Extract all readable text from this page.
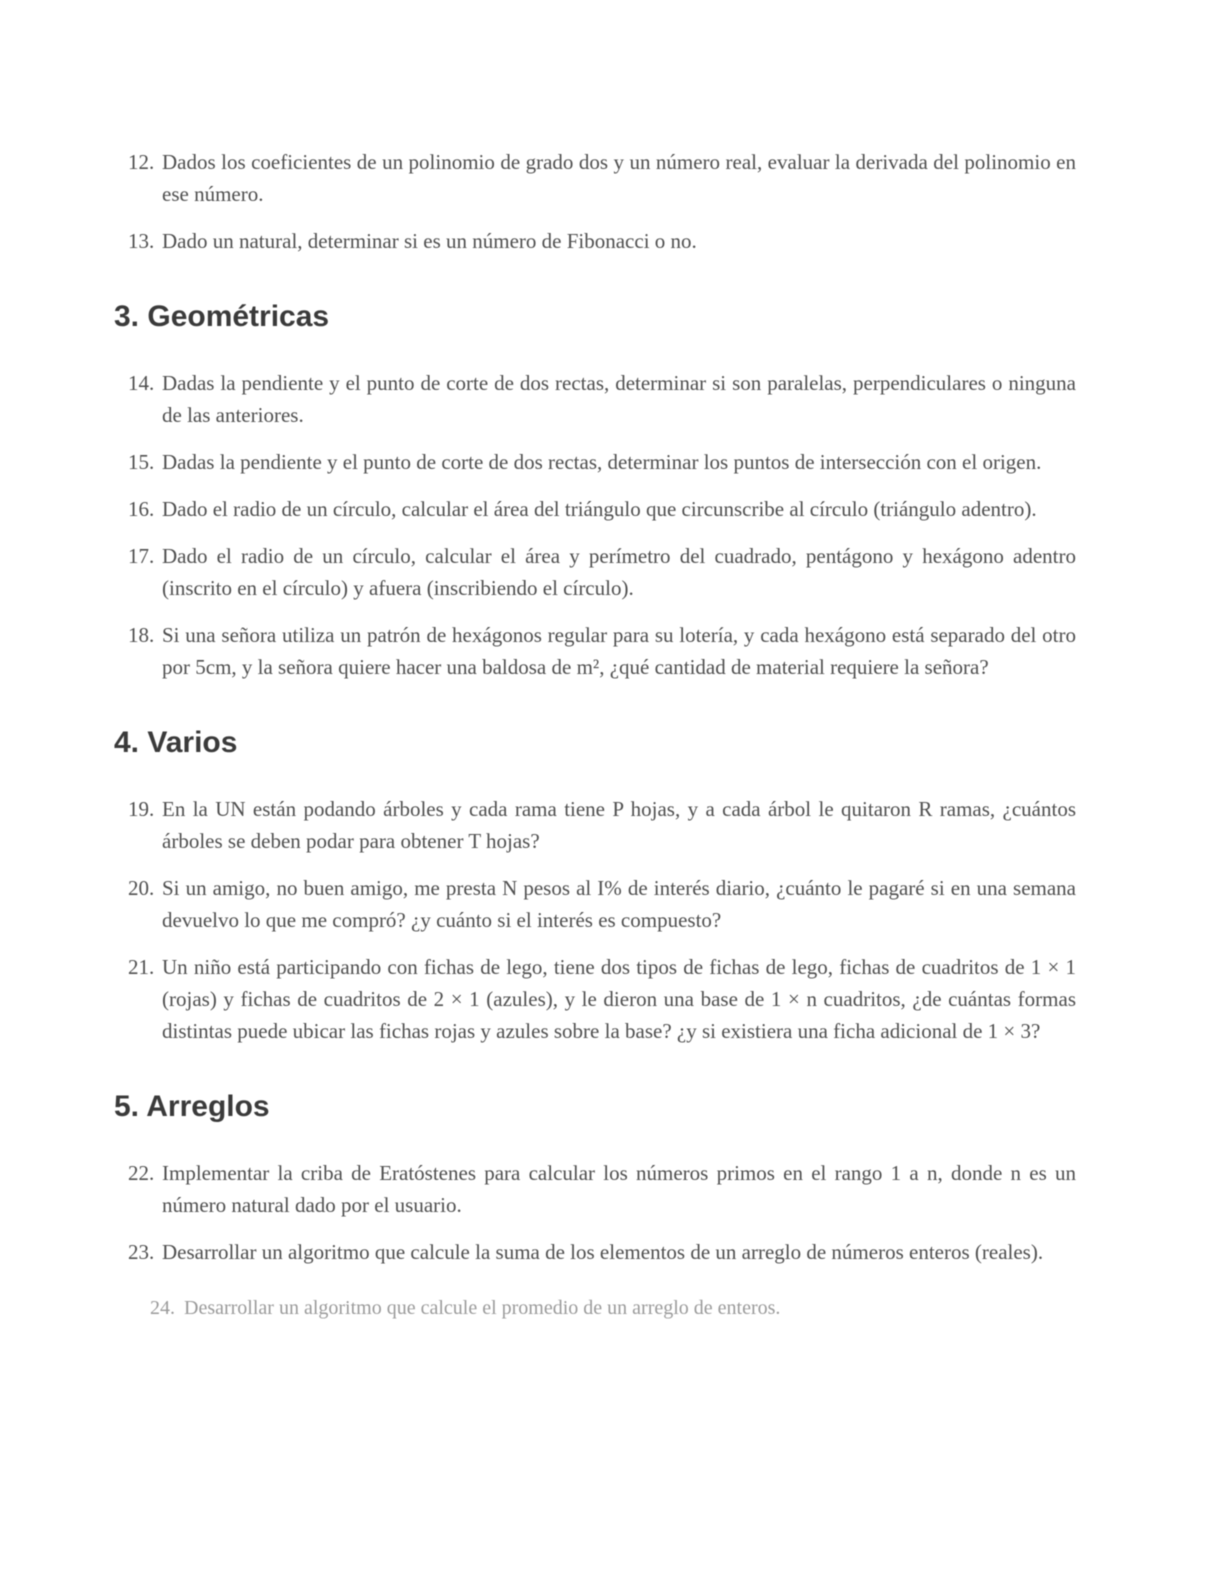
12. Dados los coeficientes de un polinomio de grado dos y un número real, evaluar la derivada del polinomio en ese número.
13. Dado un natural, determinar si es un número de Fibonacci o no.
3. Geométricas
14. Dadas la pendiente y el punto de corte de dos rectas, determinar si son paralelas, perpendiculares o ninguna de las anteriores.
15. Dadas la pendiente y el punto de corte de dos rectas, determinar los puntos de intersección con el origen.
16. Dado el radio de un círculo, calcular el área del triángulo que circunscribe al círculo (triángulo adentro).
17. Dado el radio de un círculo, calcular el área y perímetro del cuadrado, pentágono y hexágono adentro (inscrito en el círculo) y afuera (inscribiendo el círculo).
18. Si una señora utiliza un patrón de hexágonos regular para su lotería, y cada hexágono está separado del otro por 5cm, y la señora quiere hacer una baldosa de m², ¿qué cantidad de material requiere la señora?
4. Varios
19. En la UN están podando árboles y cada rama tiene P hojas, y a cada árbol le quitaron R ramas, ¿cuántos árboles se deben podar para obtener T hojas?
20. Si un amigo, no buen amigo, me presta N pesos al I% de interés diario, ¿cuánto le pagaré si en una semana devuelvo lo que me compró? ¿y cuánto si el interés es compuesto?
21. Un niño está participando con fichas de lego, tiene dos tipos de fichas de lego, fichas de cuadritos de 1 × 1 (rojas) y fichas de cuadritos de 2 × 1 (azules), y le dieron una base de 1 × n cuadritos, ¿de cuántas formas distintas puede ubicar las fichas rojas y azules sobre la base? ¿y si existiera una ficha adicional de 1 × 3?
5. Arreglos
22. Implementar la criba de Eratóstenes para calcular los números primos en el rango 1 a n, donde n es un número natural dado por el usuario.
23. Desarrollar un algoritmo que calcule la suma de los elementos de un arreglo de números enteros (reales).
24. Desarrollar un algoritmo que calcule el promedio de un arreglo de enteros.
